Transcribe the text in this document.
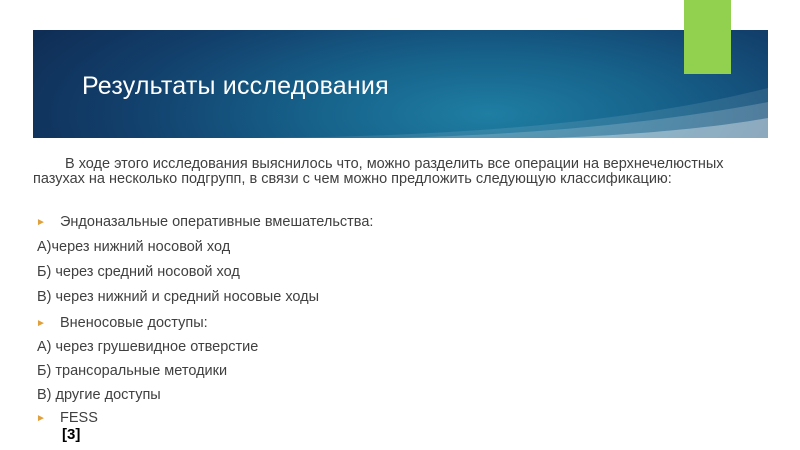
Результаты исследования
В ходе этого исследования выяснилось что, можно разделить все операции на верхнечелюстных пазухах на несколько подгрупп, в связи с чем можно предложить следующую классификацию:
► Эндоназальные оперативные вмешательства:
А)через нижний носовой ход
Б) через средний носовой ход
В) через нижний и средний носовые ходы
► Вненосовые доступы:
А) через грушевидное отверстие
Б) трансоральные методики
В) другие доступы
► FESS
[3]
